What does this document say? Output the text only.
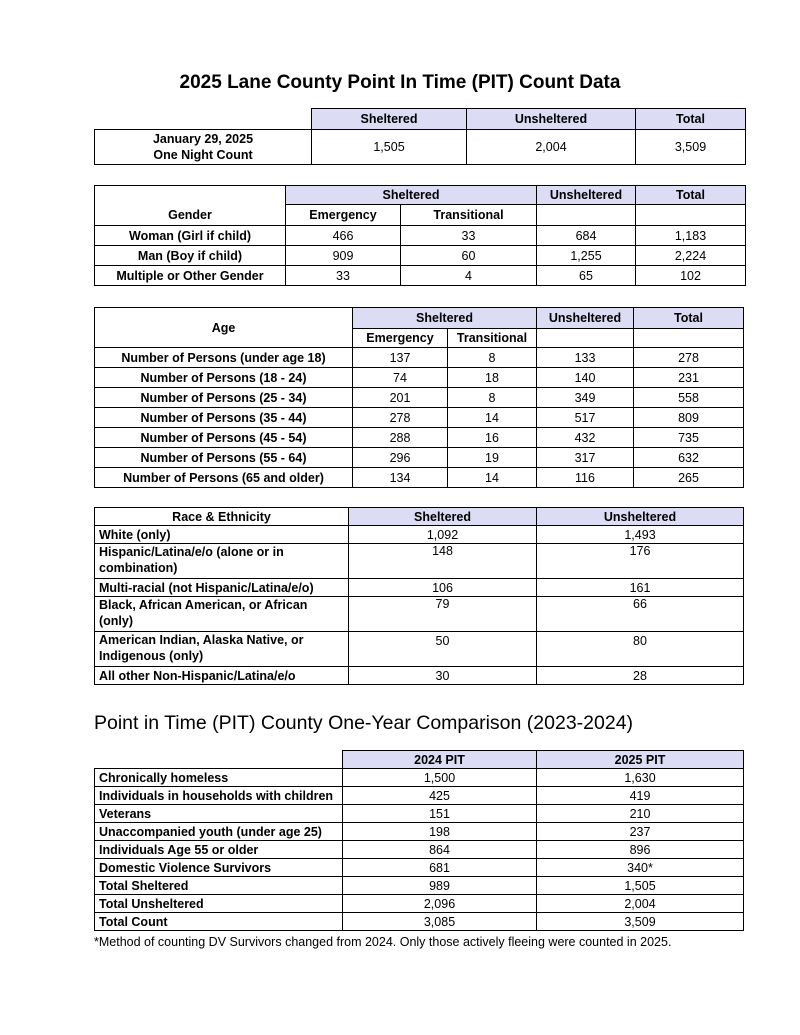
2025 Lane County Point In Time (PIT) Count Data
	Sheltered	Unsheltered	Total

January 29, 2025
One Night Count	1,505	2,004	3,509
	Sheltered		Unsheltered	Total
Gender	Emergency	Transitional		
Woman (Girl if child)	466	33	684	1,183
Man (Boy if child)	909	60	1,255	2,224
Multiple or Other Gender	33	4	65	102
Age	Sheltered		Unsheltered	Total
	Emergency	Transitional		
Number of Persons (under age 18)	137	8	133	278
Number of Persons (18 - 24)	74	18	140	231
Number of Persons (25 - 34)	201	8	349	558
Number of Persons (35 - 44)	278	14	517	809
Number of Persons (45 - 54)	288	16	432	735
Number of Persons (55 - 64)	296	19	317	632
Number of Persons (65 and older)	134	14	116	265
Race & Ethnicity	Sheltered	Unsheltered
White (only)	1,092	1,493
Hispanic/Latina/e/o (alone or in combination)	148	176
Multi-racial (not Hispanic/Latina/e/o)	106	161
Black, African American, or African (only)	79	66
American Indian, Alaska Native, or Indigenous (only)	50	80
All other Non-Hispanic/Latina/e/o	30	28
Point in Time (PIT) County One-Year Comparison (2023-2024)
	2024 PIT	2025 PIT
Chronically homeless	1,500	1,630
Individuals in households with children	425	419
Veterans	151	210
Unaccompanied youth (under age 25)	198	237
Individuals Age 55 or older	864	896
Domestic Violence Survivors	681	340*
Total Sheltered	989	1,505
Total Unsheltered	2,096	2,004
Total Count	3,085	3,509
*Method of counting DV Survivors changed from 2024. Only those actively fleeing were counted in 2025.
